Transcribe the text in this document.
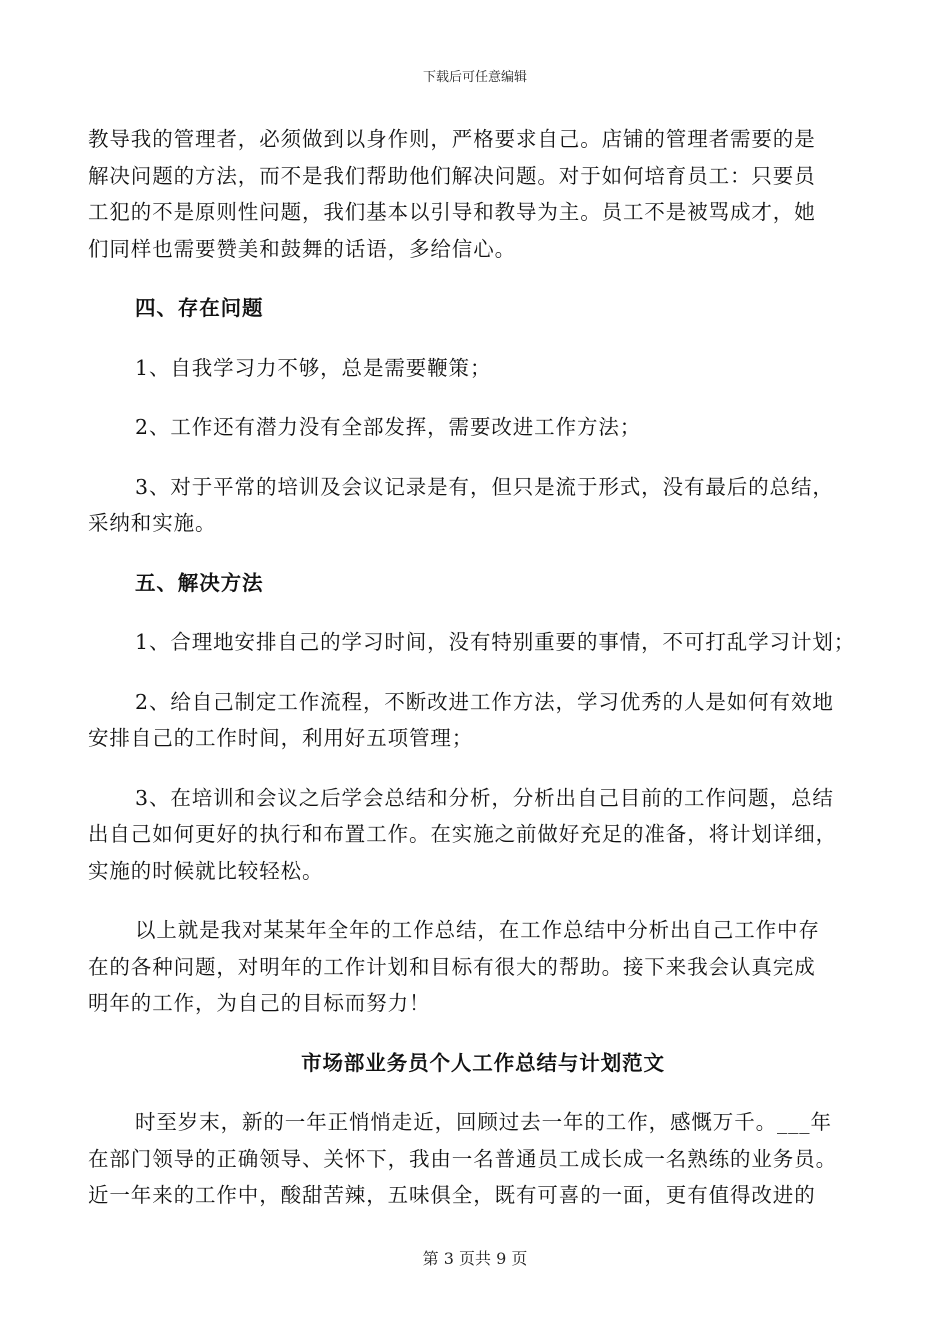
下载后可任意编辑

教导我的管理者，必须做到以身作则，严格要求自己。店铺的管理者需要的是
解决问题的方法，而不是我们帮助他们解决问题。对于如何培育员工：只要员
工犯的不是原则性问题，我们基本以引导和教导为主。员工不是被骂成才，她
们同样也需要赞美和鼓舞的话语，多给信心。

四、存在问题

1、自我学习力不够，总是需要鞭策；

2、工作还有潜力没有全部发挥，需要改进工作方法；

3、对于平常的培训及会议记录是有，但只是流于形式，没有最后的总结，
采纳和实施。

五、解决方法

1、合理地安排自己的学习时间，没有特别重要的事情，不可打乱学习计划；

2、给自己制定工作流程，不断改进工作方法，学习优秀的人是如何有效地
安排自己的工作时间，利用好五项管理；

3、在培训和会议之后学会总结和分析，分析出自己目前的工作问题，总结
出自己如何更好的执行和布置工作。在实施之前做好充足的准备，将计划详细，
实施的时候就比较轻松。

以上就是我对某某年全年的工作总结，在工作总结中分析出自己工作中存
在的各种问题，对明年的工作计划和目标有很大的帮助。接下来我会认真完成
明年的工作，为自己的目标而努力！

市场部业务员个人工作总结与计划范文

时至岁末，新的一年正悄悄走近，回顾过去一年的工作，感慨万千。___年
在部门领导的正确领导、关怀下，我由一名普通员工成长成一名熟练的业务员。
近一年来的工作中，酸甜苦辣，五味俱全，既有可喜的一面，更有值得改进的

第 3 页共 9 页
